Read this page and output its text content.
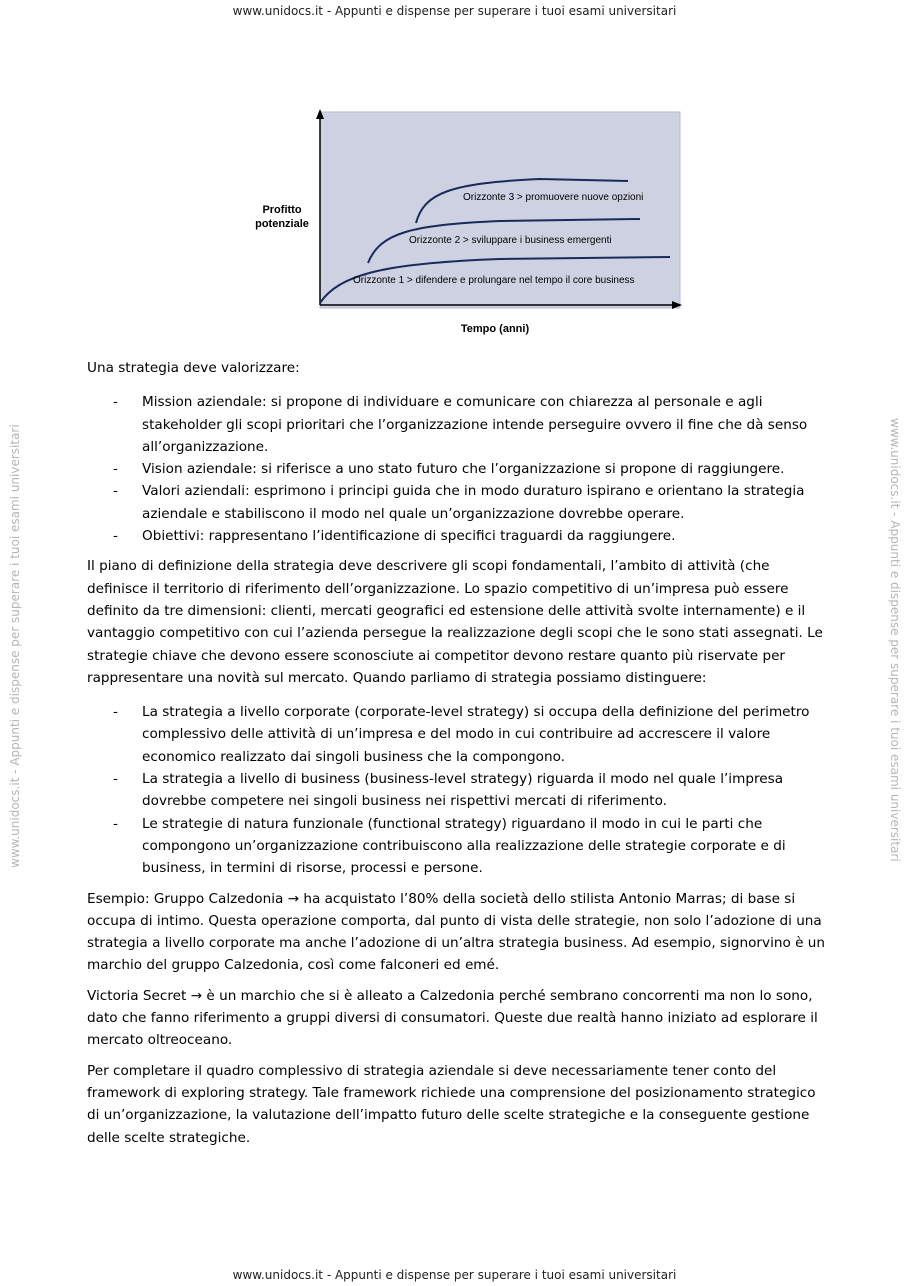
www.unidocs.it - Appunti e dispense per superare i tuoi esami universitari
www.unidocs.it - Appunti e dispense per superare i tuoi esami universitari
www.unidocs.it - Appunti e dispense per superare i tuoi esami universitari	www.unidocs.it - Appunti e dispense per superare i tuoi esami universitari
Profitto
potenziale
Tempo (anni)
Orizzonte 1 > difendere e prolungare nel tempo il core business
Orizzonte 2 > sviluppare i business emergenti
Orizzonte 3 > promuovere nuove opzioni

Una strategia deve valorizzare:

- Mission aziendale: si propone di individuare e comunicare con chiarezza al personale e agli stakeholder gli scopi prioritari che l’organizzazione intende perseguire ovvero il fine che dà senso all’organizzazione.
- Vision aziendale: si riferisce a uno stato futuro che l’organizzazione si propone di raggiungere.
- Valori aziendali: esprimono i principi guida che in modo duraturo ispirano e orientano la strategia aziendale e stabiliscono il modo nel quale un’organizzazione dovrebbe operare.
- Obiettivi: rappresentano l’identificazione di specifici traguardi da raggiungere.

Il piano di definizione della strategia deve descrivere gli scopi fondamentali, l’ambito di attività (che definisce il territorio di riferimento dell’organizzazione. Lo spazio competitivo di un’impresa può essere definito da tre dimensioni: clienti, mercati geografici ed estensione delle attività svolte internamente) e il vantaggio competitivo con cui l’azienda persegue la realizzazione degli scopi che le sono stati assegnati. Le strategie chiave che devono essere sconosciute ai competitor devono restare quanto più riservate per rappresentare una novità sul mercato. Quando parliamo di strategia possiamo distinguere:

- La strategia a livello corporate (corporate-level strategy) si occupa della definizione del perimetro complessivo delle attività di un’impresa e del modo in cui contribuire ad accrescere il valore economico realizzato dai singoli business che la compongono.
- La strategia a livello di business (business-level strategy) riguarda il modo nel quale l’impresa dovrebbe competere nei singoli business nei rispettivi mercati di riferimento.
- Le strategie di natura funzionale (functional strategy) riguardano il modo in cui le parti che compongono un’organizzazione contribuiscono alla realizzazione delle strategie corporate e di business, in termini di risorse, processi e persone.

Esempio: Gruppo Calzedonia → ha acquistato l’80% della società dello stilista Antonio Marras; di base si occupa di intimo. Questa operazione comporta, dal punto di vista delle strategie, non solo l’adozione di una strategia a livello corporate ma anche l’adozione di un’altra strategia business. Ad esempio, signorvino è un marchio del gruppo Calzedonia, così come falconeri ed emé.

Victoria Secret → è un marchio che si è alleato a Calzedonia perché sembrano concorrenti ma non lo sono, dato che fanno riferimento a gruppi diversi di consumatori. Queste due realtà hanno iniziato ad esplorare il mercato oltreoceano.

Per completare il quadro complessivo di strategia aziendale si deve necessariamente tener conto del framework di exploring strategy. Tale framework richiede una comprensione del posizionamento strategico di un’organizzazione, la valutazione dell’impatto futuro delle scelte strategiche e la conseguente gestione delle scelte strategiche.
